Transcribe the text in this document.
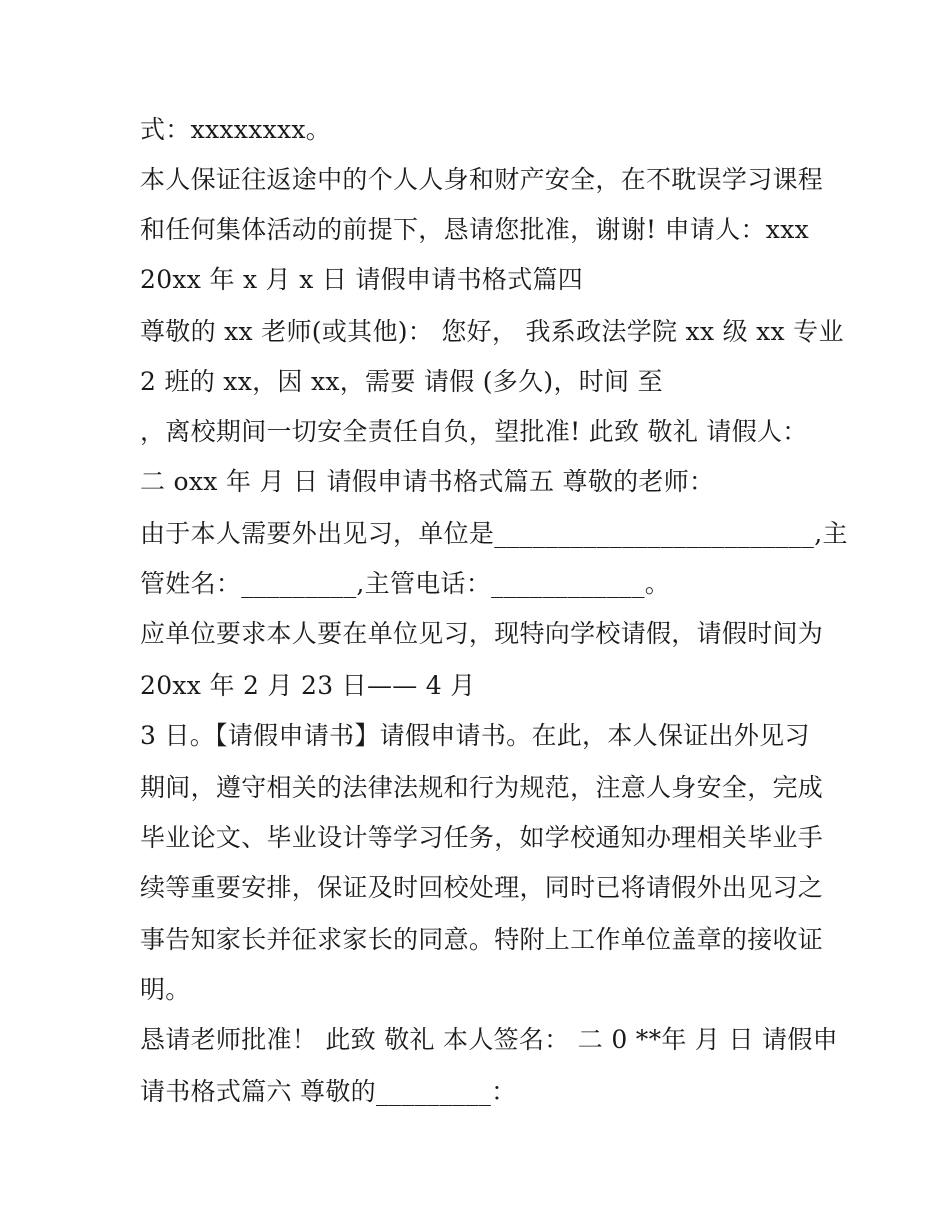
式：xxxxxxxx。
本人保证往返途中的个人人身和财产安全，在不耽误学习课程
和任何集体活动的前提下，恳请您批准，谢谢! 申请人：xxx
20xx 年 x 月 x 日 请假申请书格式篇四
尊敬的 xx 老师(或其他)： 您好， 我系政法学院 xx 级 xx 专业
2 班的 xx，因 xx，需要 请假 (多久)，时间 至
，离校期间一切安全责任自负，望批准! 此致 敬礼 请假人：
二 oxx 年 月 日 请假申请书格式篇五 尊敬的老师：
由于本人需要外出见习，单位是_________________________,主
管姓名：_________,主管电话：____________。
应单位要求本人要在单位见习，现特向学校请假，请假时间为
20xx 年 2 月 23 日—— 4 月
3 日。【请假申请书】请假申请书。在此，本人保证出外见习
期间，遵守相关的法律法规和行为规范，注意人身安全，完成
毕业论文、毕业设计等学习任务，如学校通知办理相关毕业手
续等重要安排，保证及时回校处理，同时已将请假外出见习之
事告知家长并征求家长的同意。特附上工作单位盖章的接收证
明。
恳请老师批准！ 此致 敬礼 本人签名： 二 0 **年 月 日 请假申
请书格式篇六 尊敬的_________：
